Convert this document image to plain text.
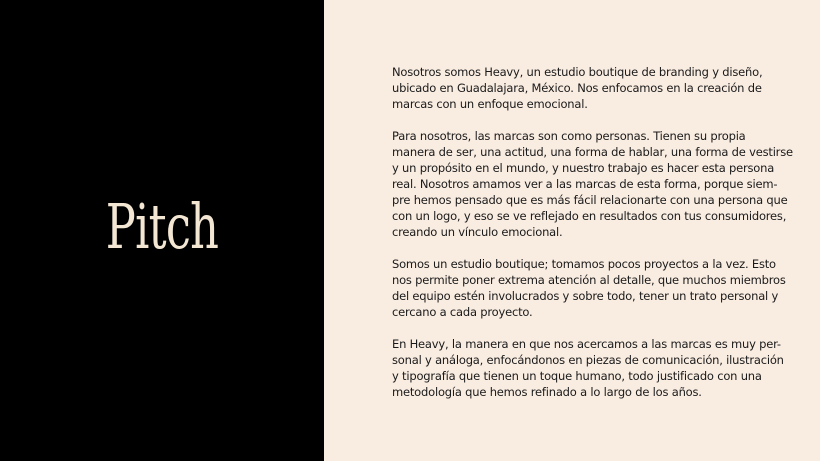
Pitch

Nosotros somos Heavy, un estudio boutique de branding y diseño,
ubicado en Guadalajara, México. Nos enfocamos en la creación de
marcas con un enfoque emocional.

Para nosotros, las marcas son como personas. Tienen su propia
manera de ser, una actitud, una forma de hablar, una forma de vestirse
y un propósito en el mundo, y nuestro trabajo es hacer esta persona
real. Nosotros amamos ver a las marcas de esta forma, porque siem-
pre hemos pensado que es más fácil relacionarte con una persona que
con un logo, y eso se ve reflejado en resultados con tus consumidores,
creando un vínculo emocional.

Somos un estudio boutique; tomamos pocos proyectos a la vez. Esto
nos permite poner extrema atención al detalle, que muchos miembros
del equipo estén involucrados y sobre todo, tener un trato personal y
cercano a cada proyecto.

En Heavy, la manera en que nos acercamos a las marcas es muy per-
sonal y análoga, enfocándonos en piezas de comunicación, ilustración
y tipografía que tienen un toque humano, todo justificado con una
metodología que hemos refinado a lo largo de los años.
